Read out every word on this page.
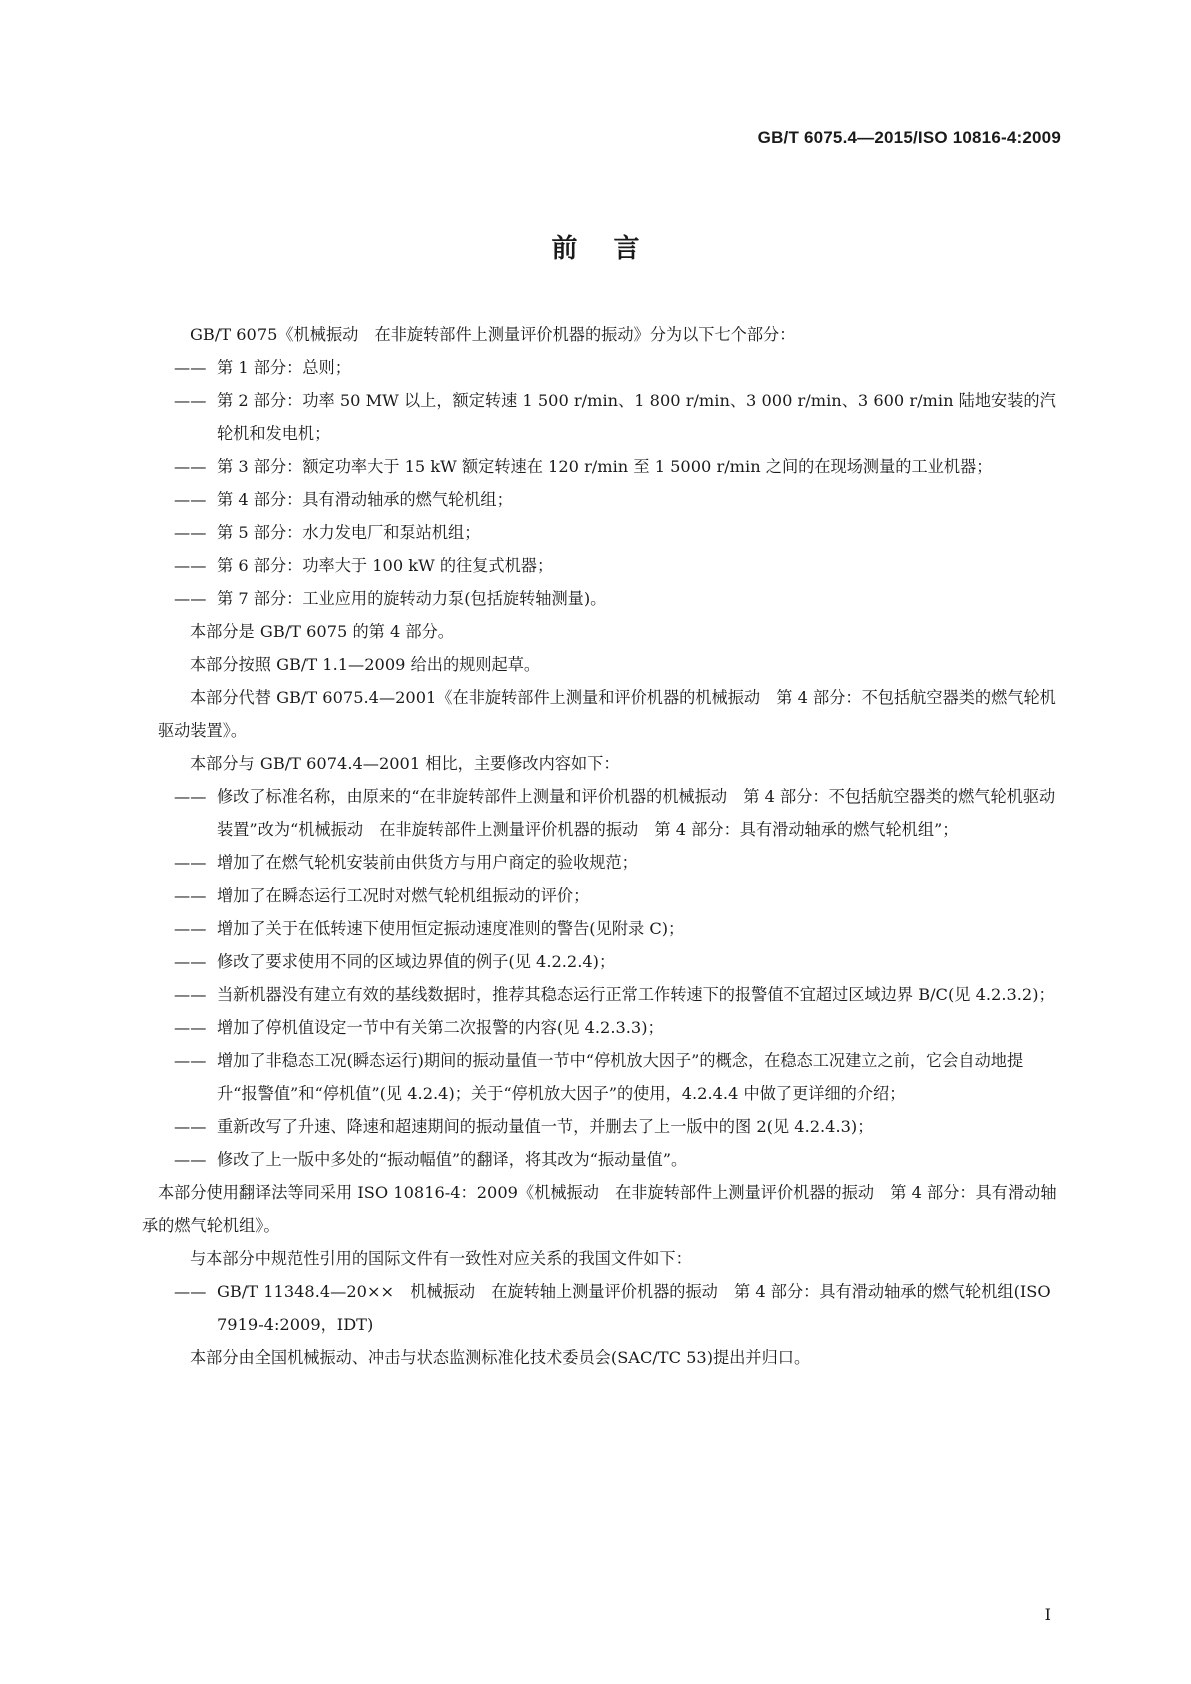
GB/T 6075.4—2015/ISO 10816-4:2009
前 言
GB/T 6075《机械振动　在非旋转部件上测量评价机器的振动》分为以下七个部分：
—— 第 1 部分：总则；
—— 第 2 部分：功率 50 MW 以上，额定转速 1 500 r/min、1 800 r/min、3 000 r/min、3 600 r/min 陆地安装的汽轮机和发电机；
—— 第 3 部分：额定功率大于 15 kW 额定转速在 120 r/min 至 1 5000 r/min 之间的在现场测量的工业机器；
—— 第 4 部分：具有滑动轴承的燃气轮机组；
—— 第 5 部分：水力发电厂和泵站机组；
—— 第 6 部分：功率大于 100 kW 的往复式机器；
—— 第 7 部分：工业应用的旋转动力泵(包括旋转轴测量)。
本部分是 GB/T 6075 的第 4 部分。
本部分按照 GB/T 1.1—2009 给出的规则起草。
本部分代替 GB/T 6075.4—2001《在非旋转部件上测量和评价机器的机械振动　第 4 部分：不包括航空器类的燃气轮机驱动装置》。
本部分与 GB/T 6074.4—2001 相比，主要修改内容如下：
—— 修改了标准名称，由原来的“在非旋转部件上测量和评价机器的机械振动　第 4 部分：不包括航空器类的燃气轮机驱动装置”改为“机械振动　在非旋转部件上测量评价机器的振动　第 4 部分：具有滑动轴承的燃气轮机组”；
—— 增加了在燃气轮机安装前由供货方与用户商定的验收规范；
—— 增加了在瞬态运行工况时对燃气轮机组振动的评价；
—— 增加了关于在低转速下使用恒定振动速度准则的警告(见附录 C)；
—— 修改了要求使用不同的区域边界值的例子(见 4.2.2.4)；
—— 当新机器没有建立有效的基线数据时，推荐其稳态运行正常工作转速下的报警值不宜超过区域边界 B/C(见 4.2.3.2)；
—— 增加了停机值设定一节中有关第二次报警的内容(见 4.2.3.3)；
—— 增加了非稳态工况(瞬态运行)期间的振动量值一节中“停机放大因子”的概念，在稳态工况建立之前，它会自动地提升“报警值”和“停机值”(见 4.2.4)；关于“停机放大因子”的使用，4.2.4.4 中做了更详细的介绍；
—— 重新改写了升速、降速和超速期间的振动量值一节，并删去了上一版中的图 2(见 4.2.4.3)；
—— 修改了上一版中多处的“振动幅值”的翻译，将其改为“振动量值”。
本部分使用翻译法等同采用 ISO 10816-4：2009《机械振动　在非旋转部件上测量评价机器的振动　第 4 部分：具有滑动轴承的燃气轮机组》。
与本部分中规范性引用的国际文件有一致性对应关系的我国文件如下：
—— GB/T 11348.4—20××　机械振动　在旋转轴上测量评价机器的振动　第 4 部分：具有滑动轴承的燃气轮机组(ISO 7919-4:2009，IDT)
本部分由全国机械振动、冲击与状态监测标准化技术委员会(SAC/TC 53)提出并归口。
I
